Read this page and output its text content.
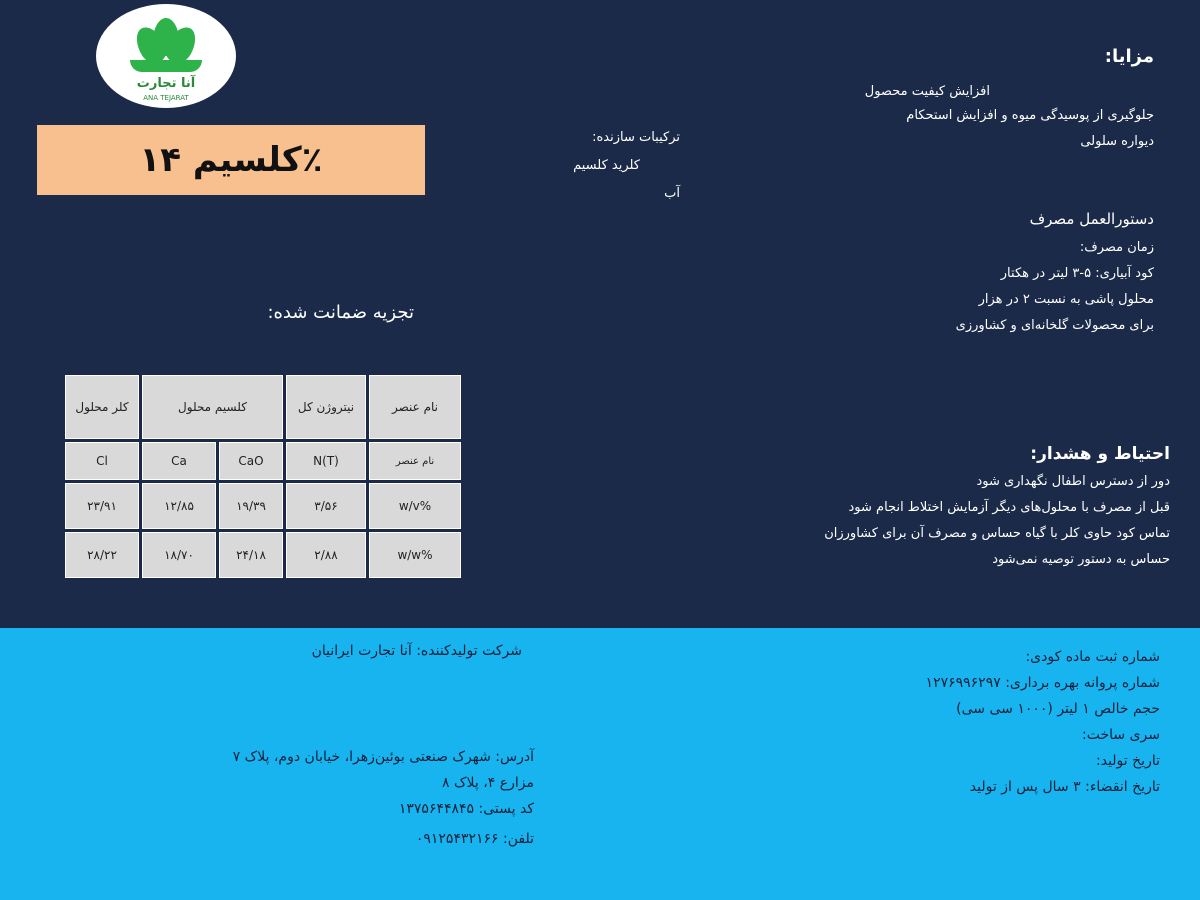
آنا تجارت
ANA TEJARAT
کلسیم ۱۴٪
ترکیبات سازنده:
کلرید کلسیم
آب
مزایا:
افزایش کیفیت محصول
جلوگیری از پوسیدگی میوه و افزایش استحکام
دیواره سلولی
دستورالعمل مصرف
زمان مصرف:
کود آبیاری: ۵-۳ لیتر در هکتار
محلول پاشی به نسبت ۲ در هزار
برای محصولات گلخانه‌ای و کشاورزی
تجزیه ضمانت شده:
کلر محلول	کلسیم محلول		نیتروژن کل	نام عنصر
Cl	Ca	CaO	N(T)	نام عنصر
۲۳/۹۱	۱۲/۸۵	۱۹/۳۹	۳/۵۶	w/v%
۲۸/۲۲	۱۸/۷۰	۲۴/۱۸	۲/۸۸	w/w%
احتیاط و هشدار:
دور از دسترس اطفال نگهداری شود
قبل از مصرف با محلول‌های دیگر آزمایش اختلاط انجام شود
تماس کود حاوی کلر با گیاه حساس و مصرف آن برای کشاورزان
حساس به دستور توصیه نمی‌شود
شماره ثبت ماده کودی:
شماره پروانه بهره برداری: ۱۲۷۶۹۹۶۲۹۷
حجم خالص ۱ لیتر (۱۰۰۰ سی سی)
سری ساخت:
تاریخ تولید:
تاریخ انقضاء: ۳ سال پس از تولید
شرکت تولیدکننده: آنا تجارت ایرانیان
آدرس: شهرک صنعتی بوئین‌زهرا، خیابان دوم، پلاک ۷
مزارع ۴، پلاک ۸
کد پستی: ۱۳۷۵۶۴۴۸۴۵
تلفن: ۰۹۱۲۵۴۳۲۱۶۶
